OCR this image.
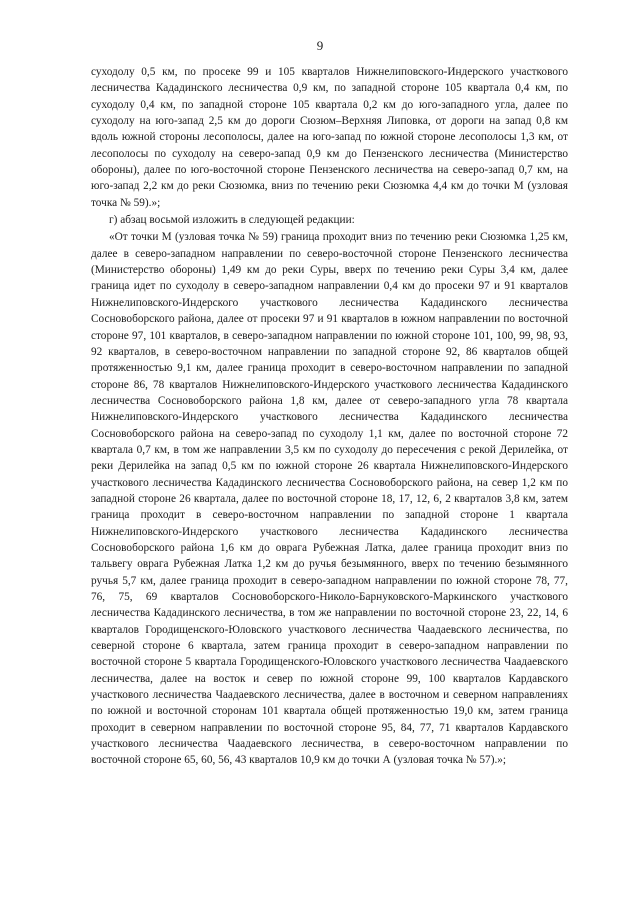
9

суходолу 0,5 км, по просеке 99 и 105 кварталов Нижнелиповского-Индерского участкового лесничества Кададинского лесничества 0,9 км, по западной стороне 105 квартала 0,4 км, по суходолу 0,4 км, по западной стороне 105 квартала 0,2 км до юго-западного угла, далее по суходолу на юго-запад 2,5 км до дороги Сюзюм–Верхняя Липовка, от дороги на запад 0,8 км вдоль южной стороны лесополосы, далее на юго-запад по южной стороне лесополосы 1,3 км, от лесополосы по суходолу на северо-запад 0,9 км до Пензенского лесничества (Министерство обороны), далее по юго-восточной стороне Пензенского лесничества на северо-запад 0,7 км, на юго-запад 2,2 км до реки Сюзюмка, вниз по течению реки Сюзюмка 4,4 км до точки М (узловая точка № 59).»;

г) абзац восьмой изложить в следующей редакции:

«От точки М (узловая точка № 59) граница проходит вниз по течению реки Сюзюмка 1,25 км, далее в северо-западном направлении по северо-восточной стороне Пензенского лесничества (Министерство обороны) 1,49 км до реки Суры, вверх по течению реки Суры 3,4 км, далее граница идет по суходолу в северо-западном направлении 0,4 км до просеки 97 и 91 кварталов Нижнелиповского-Индерского участкового лесничества Кададинского лесничества Сосновоборского района, далее от просеки 97 и 91 кварталов в южном направлении по восточной стороне 97, 101 кварталов, в северо-западном направлении по южной стороне 101, 100, 99, 98, 93, 92 кварталов, в северо-восточном направлении по западной стороне 92, 86 кварталов общей протяженностью 9,1 км, далее граница проходит в северо-восточном направлении по западной стороне 86, 78 кварталов Нижнелиповского-Индерского участкового лесничества Кададинского лесничества Сосновоборского района 1,8 км, далее от северо-западного угла 78 квартала Нижнелиповского-Индерского участкового лесничества Кададинского лесничества Сосновоборского района на северо-запад по суходолу 1,1 км, далее по восточной стороне 72 квартала 0,7 км, в том же направлении 3,5 км по суходолу до пересечения с рекой Дерилейка, от реки Дерилейка на запад 0,5 км по южной стороне 26 квартала Нижнелиповского-Индерского участкового лесничества Кададинского лесничества Сосновоборского района, на север 1,2 км по западной стороне 26 квартала, далее по восточной стороне 18, 17, 12, 6, 2 кварталов 3,8 км, затем граница проходит в северо-восточном направлении по западной стороне 1 квартала Нижнелиповского-Индерского участкового лесничества Кададинского лесничества Сосновоборского района 1,6 км до оврага Рубежная Латка, далее граница проходит вниз по тальвегу оврага Рубежная Латка 1,2 км до ручья безымянного, вверх по течению безымянного ручья 5,7 км, далее граница проходит в северо-западном направлении по южной стороне 78, 77, 76, 75, 69 кварталов Сосновоборского-Николо-Барнуковского-Маркинского участкового лесничества Кададинского лесничества, в том же направлении по восточной стороне 23, 22, 14, 6 кварталов Городищенского-Юловского участкового лесничества Чаадаевского лесничества, по северной стороне 6 квартала, затем граница проходит в северо-западном направлении по восточной стороне 5 квартала Городищенского-Юловского участкового лесничества Чаадаевского лесничества, далее на восток и север по южной стороне 99, 100 кварталов Кардавского участкового лесничества Чаадаевского лесничества, далее в восточном и северном направлениях по южной и восточной сторонам 101 квартала общей протяженностью 19,0 км, затем граница проходит в северном направлении по восточной стороне 95, 84, 77, 71 кварталов Кардавского участкового лесничества Чаадаевского лесничества, в северо-восточном направлении по восточной стороне 65, 60, 56, 43 кварталов 10,9 км до точки А (узловая точка № 57).»;
